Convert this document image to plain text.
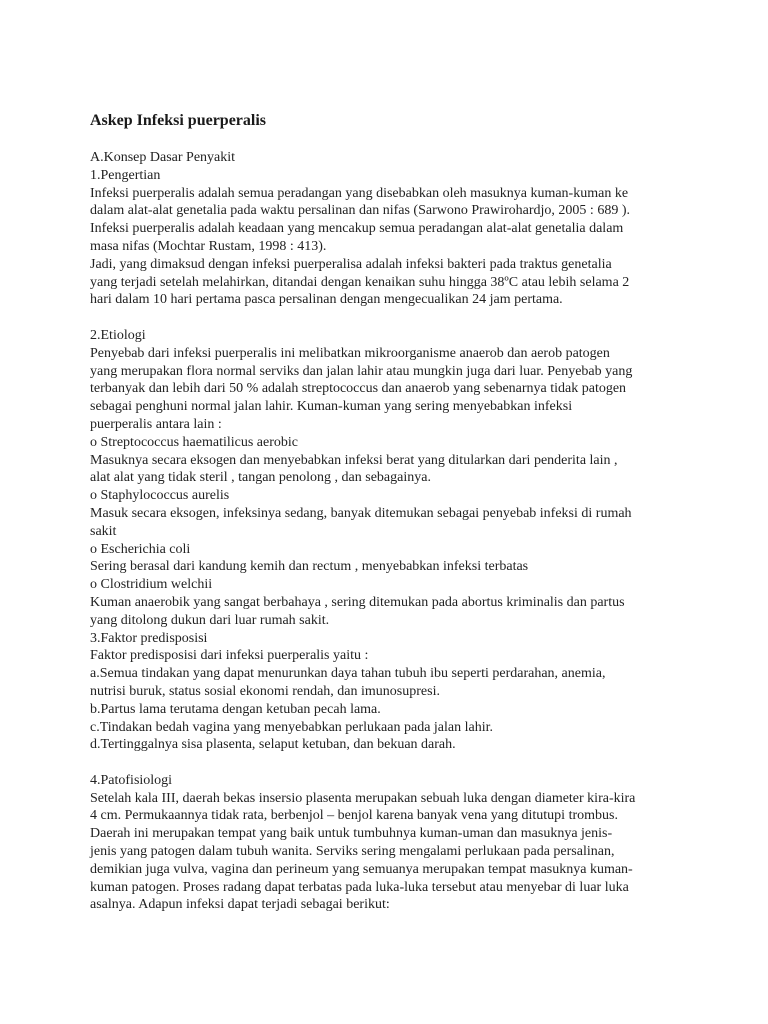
Askep Infeksi puerperalis
A.Konsep Dasar Penyakit
1.Pengertian
Infeksi puerperalis adalah semua peradangan yang disebabkan oleh masuknya kuman-kuman ke
dalam alat-alat genetalia pada waktu persalinan dan nifas (Sarwono Prawirohardjo, 2005 : 689 ).
Infeksi puerperalis adalah keadaan yang mencakup semua peradangan alat-alat genetalia dalam
masa nifas (Mochtar Rustam, 1998 : 413).
Jadi, yang dimaksud dengan infeksi puerperalisa adalah infeksi bakteri pada traktus genetalia
yang terjadi setelah melahirkan, ditandai dengan kenaikan suhu hingga 38ºC atau lebih selama 2
hari dalam 10 hari pertama pasca persalinan dengan mengecualikan 24 jam pertama.
2.Etiologi
Penyebab dari infeksi puerperalis ini melibatkan mikroorganisme anaerob dan aerob patogen
yang merupakan flora normal serviks dan jalan lahir atau mungkin juga dari luar. Penyebab yang
terbanyak dan lebih dari 50 % adalah streptococcus dan anaerob yang sebenarnya tidak patogen
sebagai penghuni normal jalan lahir. Kuman-kuman yang sering menyebabkan infeksi
puerperalis antara lain :
o Streptococcus haematilicus aerobic
Masuknya secara eksogen dan menyebabkan infeksi berat yang ditularkan dari penderita lain ,
alat alat yang tidak steril , tangan penolong , dan sebagainya.
o Staphylococcus aurelis
Masuk secara eksogen, infeksinya sedang, banyak ditemukan sebagai penyebab infeksi di rumah
sakit
o Escherichia coli
Sering berasal dari kandung kemih dan rectum , menyebabkan infeksi terbatas
o Clostridium welchii
Kuman anaerobik yang sangat berbahaya , sering ditemukan pada abortus kriminalis dan partus
yang ditolong dukun dari luar rumah sakit.
3.Faktor predisposisi
Faktor predisposisi dari infeksi puerperalis yaitu :
a.Semua tindakan yang dapat menurunkan daya tahan tubuh ibu seperti perdarahan, anemia,
nutrisi buruk, status sosial ekonomi rendah, dan imunosupresi.
b.Partus lama terutama dengan ketuban pecah lama.
c.Tindakan bedah vagina yang menyebabkan perlukaan pada jalan lahir.
d.Tertinggalnya sisa plasenta, selaput ketuban, dan bekuan darah.
4.Patofisiologi
Setelah kala III, daerah bekas insersio plasenta merupakan sebuah luka dengan diameter kira-kira
4 cm. Permukaannya tidak rata, berbenjol – benjol karena banyak vena yang ditutupi trombus.
Daerah ini merupakan tempat yang baik untuk tumbuhnya kuman-uman dan masuknya jenis-
jenis yang patogen dalam tubuh wanita. Serviks sering mengalami perlukaan pada persalinan,
demikian juga vulva, vagina dan perineum yang semuanya merupakan tempat masuknya kuman-
kuman patogen. Proses radang dapat terbatas pada luka-luka tersebut atau menyebar di luar luka
asalnya. Adapun infeksi dapat terjadi sebagai berikut:
